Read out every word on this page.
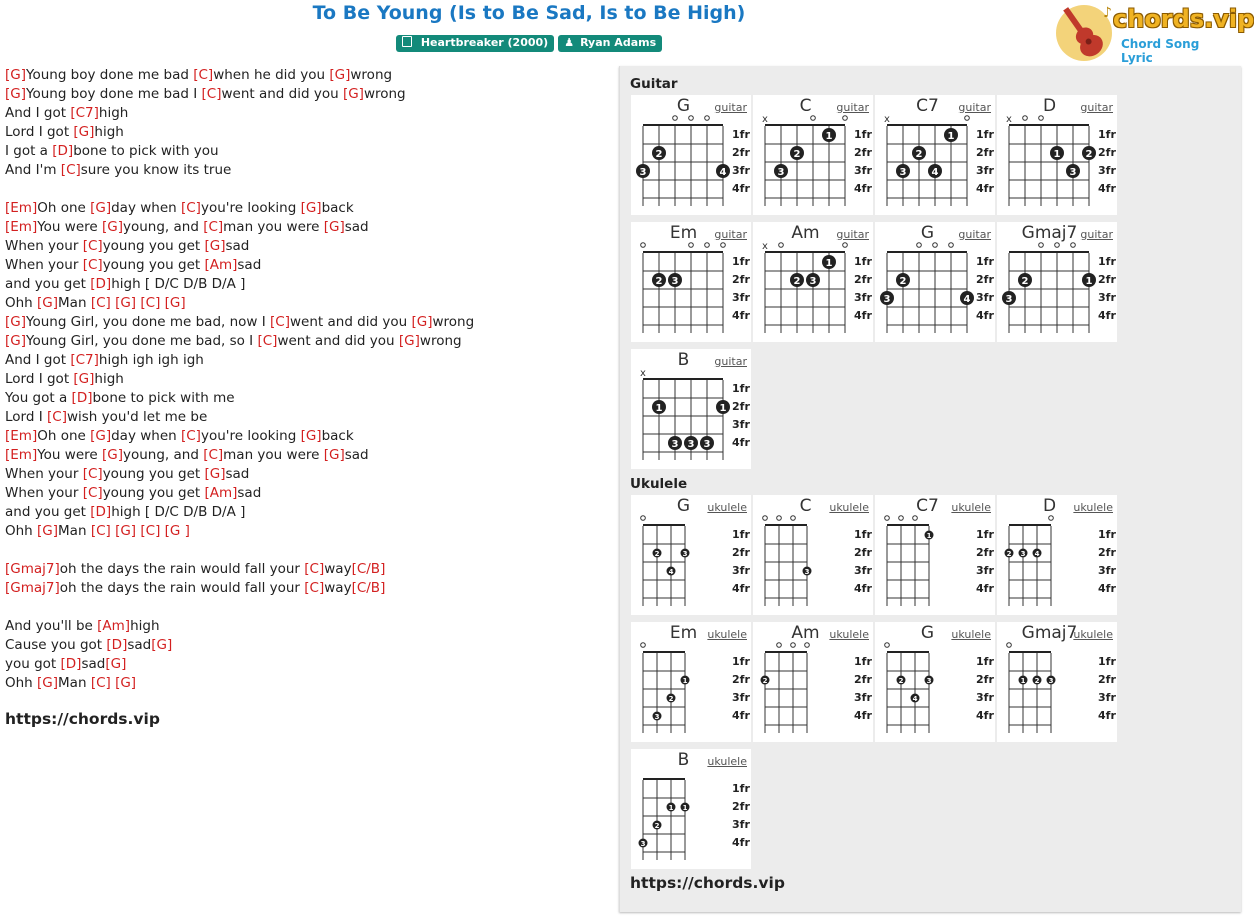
To Be Young (Is to Be Sad, Is to Be High)
Heartbreaker (2000) ♟ Ryan Adams
♪ chords.vip
Chord Song Lyric
[G]Young boy done me bad [C]when he did you [G]wrong
[G]Young boy done me bad I [C]went and did you [G]wrong
And I got [C7]high
Lord I got [G]high
I got a [D]bone to pick with you
And I'm [C]sure you know its true
[Em]Oh one [G]day when [C]you're looking [G]back
[Em]You were [G]young, and [C]man you were [G]sad
When your [C]young you get [G]sad
When your [C]young you get [Am]sad
and you get [D]high [ D/C D/B D/A ]
Ohh [G]Man [C] [G] [C] [G]
[G]Young Girl, you done me bad, now I [C]went and did you [G]wrong
[G]Young Girl, you done me bad, so I [C]went and did you [G]wrong
And I got [C7]high igh igh igh
Lord I got [G]high
You got a [D]bone to pick with me
Lord I [C]wish you'd let me be
[Em]Oh one [G]day when [C]you're looking [G]back
[Em]You were [G]young, and [C]man you were [G]sad
When your [C]young you get [G]sad
When your [C]young you get [Am]sad
and you get [D]high [ D/C D/B D/A ]
Ohh [G]Man [C] [G] [C] [G ]
[Gmaj7]oh the days the rain would fall your [C]way[C/B]
[Gmaj7]oh the days the rain would fall your [C]way[C/B]
And you'll be [Am]high
Cause you got [D]sad[G]
you got [D]sad[G]
Ohh [G]Man [C] [G]
https://chords.vip
Guitar
Ukulele
https://chords.vip
3
2
4
G	guitar
1fr
2fr
3fr
4fr
x
3
2
1
C	guitar
1fr
2fr
3fr
4fr
x
3
2
4
1
C7	guitar
1fr
2fr
3fr
4fr
x
1
3
2
D	guitar
1fr
2fr
3fr
4fr
2 3
Em	guitar
1fr
2fr
3fr
4fr
x
2 3
1
Am	guitar
1fr
2fr
3fr
4fr
3
2
4
G	guitar
1fr
2fr
3fr
4fr
3
2	1
Gmaj7 guitar
1fr
2fr
3fr
4fr
x
1	1
3 3 3
B	guitar
1fr
2fr
3fr
4fr
2
4
3
G	ukulele
1fr
2fr
3fr
4fr
3
C	ukulele
1fr
2fr
3fr
4fr
1
C7	ukulele
1fr
2fr
3fr
4fr
2 3 4
D	ukulele
1fr
2fr
3fr
4fr
3
2
1
Em ukulele
1fr
2fr
3fr
4fr
2
Am ukulele
1fr
2fr
3fr
4fr
2
4
3
G	ukulele
1fr
2fr
3fr
4fr
1 2 3
Gmaj7
ukulele
1fr
2fr
3fr
4fr
3
2
1 1
B	ukulele
1fr
2fr
3fr
4fr
